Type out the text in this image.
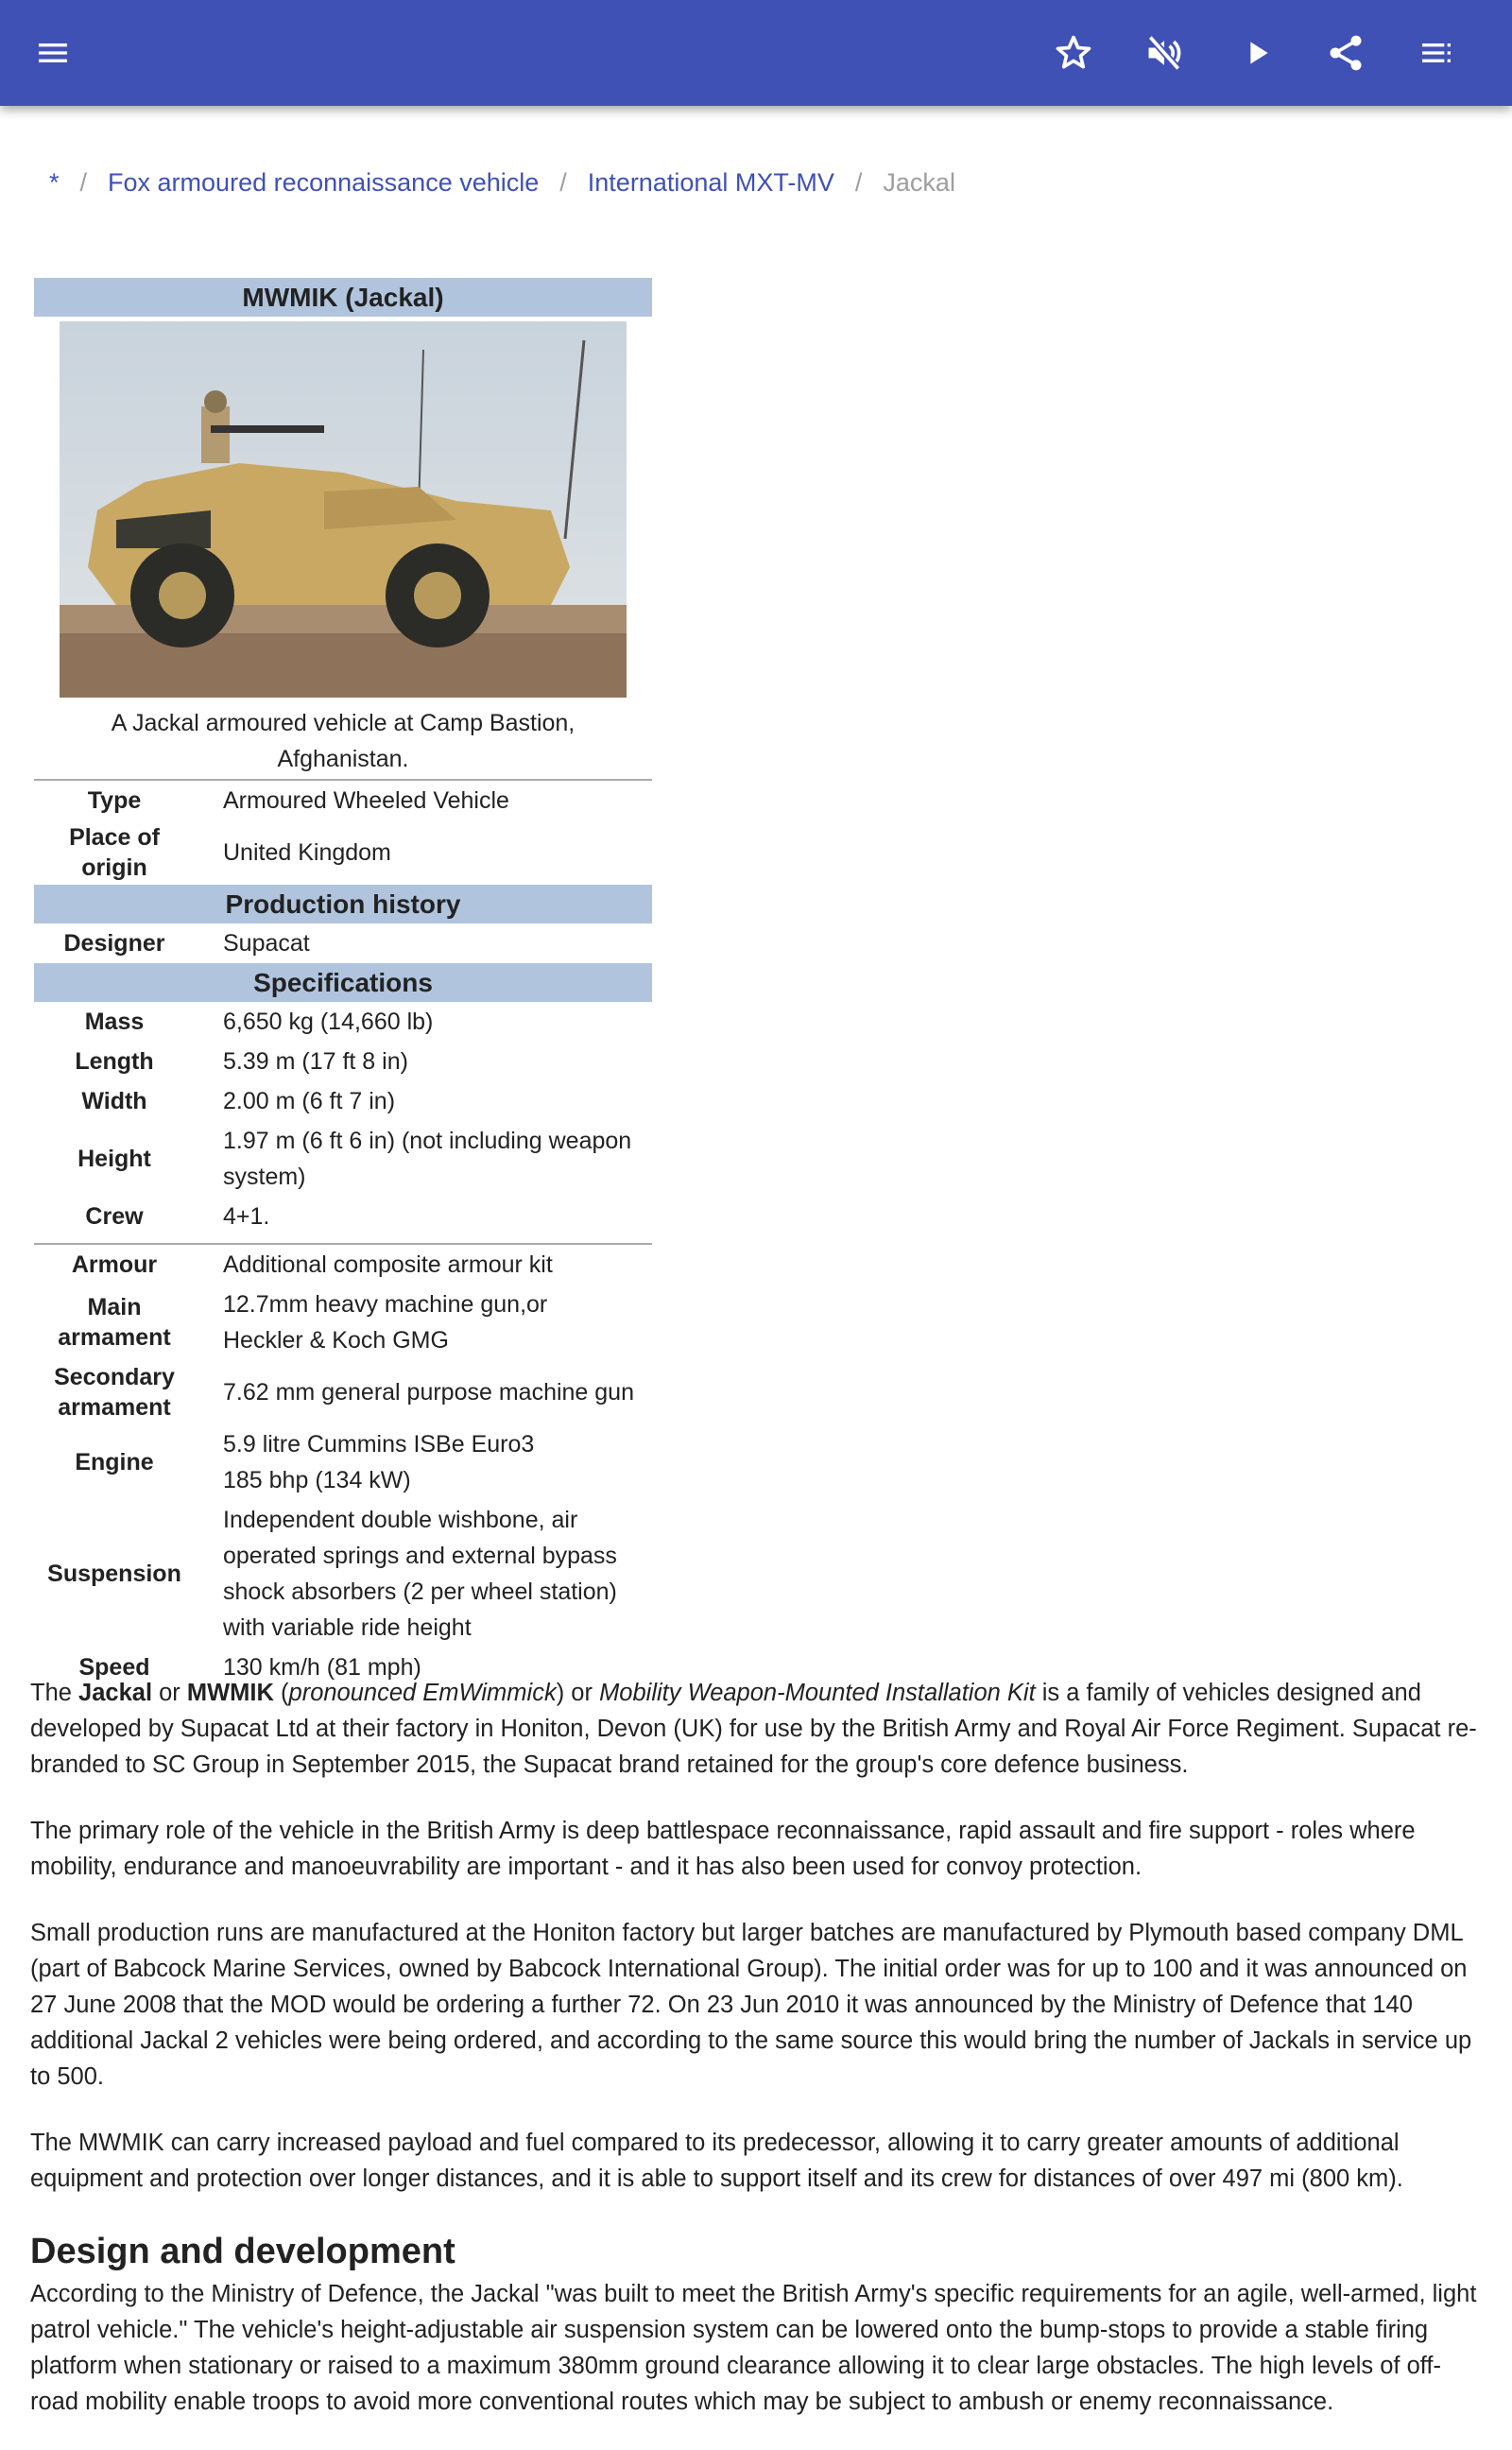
* / Fox armoured reconnaissance vehicle / International MXT-MV / Jackal
MWMIK (Jackal)
A Jackal armoured vehicle at Camp Bastion, Afghanistan.
Type	Armoured Wheeled Vehicle
Place of origin	United Kingdom
Production history	
Designer	Supacat
Specifications	
Mass	6,650 kg (14,660 lb)
Length	5.39 m (17 ft 8 in)
Width	2.00 m (6 ft 7 in)
Height	1.97 m (6 ft 6 in) (not including weapon system)
Crew	4+1.

Armour	Additional composite armour kit
Main armament	12.7mm heavy machine gun,or
Heckler & Koch GMG
Secondary armament	7.62 mm general purpose machine gun
Engine	5.9 litre Cummins ISBe Euro3
185 bhp (134 kW)
Suspension	Independent double wishbone, air operated springs and external bypass shock absorbers (2 per wheel station) with variable ride height
Speed	130 km/h (81 mph)

The Jackal or MWMIK (pronounced EmWimmick) or Mobility Weapon-Mounted Installation Kit is a family of vehicles designed and developed by Supacat Ltd at their factory in Honiton, Devon (UK) for use by the British Army and Royal Air Force Regiment. Supacat re-branded to SC Group in September 2015, the Supacat brand retained for the group's core defence business.

The primary role of the vehicle in the British Army is deep battlespace reconnaissance, rapid assault and fire support - roles where mobility, endurance and manoeuvrability are important - and it has also been used for convoy protection.

Small production runs are manufactured at the Honiton factory but larger batches are manufactured by Plymouth based company DML (part of Babcock Marine Services, owned by Babcock International Group). The initial order was for up to 100 and it was announced on 27 June 2008 that the MOD would be ordering a further 72. On 23 Jun 2010 it was announced by the Ministry of Defence that 140 additional Jackal 2 vehicles were being ordered, and according to the same source this would bring the number of Jackals in service up to 500.

The MWMIK can carry increased payload and fuel compared to its predecessor, allowing it to carry greater amounts of additional equipment and protection over longer distances, and it is able to support itself and its crew for distances of over 497 mi (800 km).

Design and development

According to the Ministry of Defence, the Jackal "was built to meet the British Army's specific requirements for an agile, well-armed, light patrol vehicle." The vehicle's height-adjustable air suspension system can be lowered onto the bump-stops to provide a stable firing platform when stationary or raised to a maximum 380mm ground clearance allowing it to clear large obstacles. The high levels of off-road mobility enable troops to avoid more conventional routes which may be subject to ambush or enemy reconnaissance.
